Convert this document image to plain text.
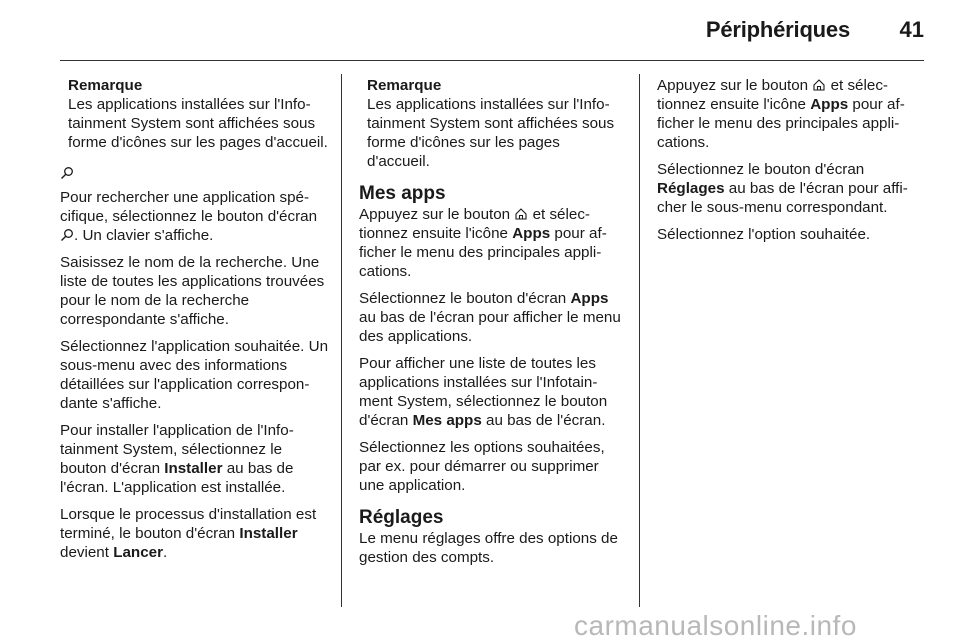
Périphériques	41
Remarque

Les applications installées sur l'Infotainment System sont affichées sous forme d'icônes sur les pages d'accueil.

Pour rechercher une application spécifique, sélectionnez le bouton d'écran . Un clavier s'affiche.

Saisissez le nom de la recherche. Une liste de toutes les applications trouvées pour le nom de la recherche correspondante s'affiche.

Sélectionnez l'application souhaitée. Un sous-menu avec des informations détaillées sur l'application correspondante s'affiche.

Pour installer l'application de l'Infotainment System, sélectionnez le bouton d'écran Installer au bas de l'écran. L'application est installée.

Lorsque le processus d'installation est terminé, le bouton d'écran Installer devient Lancer.

Remarque

Les applications installées sur l'Infotainment System sont affichées sous forme d'icônes sur les pages d'accueil.

Mes apps

Appuyez sur le bouton  et sélectionnez ensuite l'icône Apps pour afficher le menu des principales applications.

Sélectionnez le bouton d'écran Apps au bas de l'écran pour afficher le menu des applications.

Pour afficher une liste de toutes les applications installées sur l'Infotainment System, sélectionnez le bouton d'écran Mes apps au bas de l'écran.

Sélectionnez les options souhaitées, par ex. pour démarrer ou supprimer une application.

Réglages

Le menu réglages offre des options de gestion des compts.

Appuyez sur le bouton  et sélectionnez ensuite l'icône Apps pour afficher le menu des principales applications.

Sélectionnez le bouton d'écran Réglages au bas de l'écran pour afficher le sous-menu correspondant.

Sélectionnez l'option souhaitée.

carmanualsonline.info
